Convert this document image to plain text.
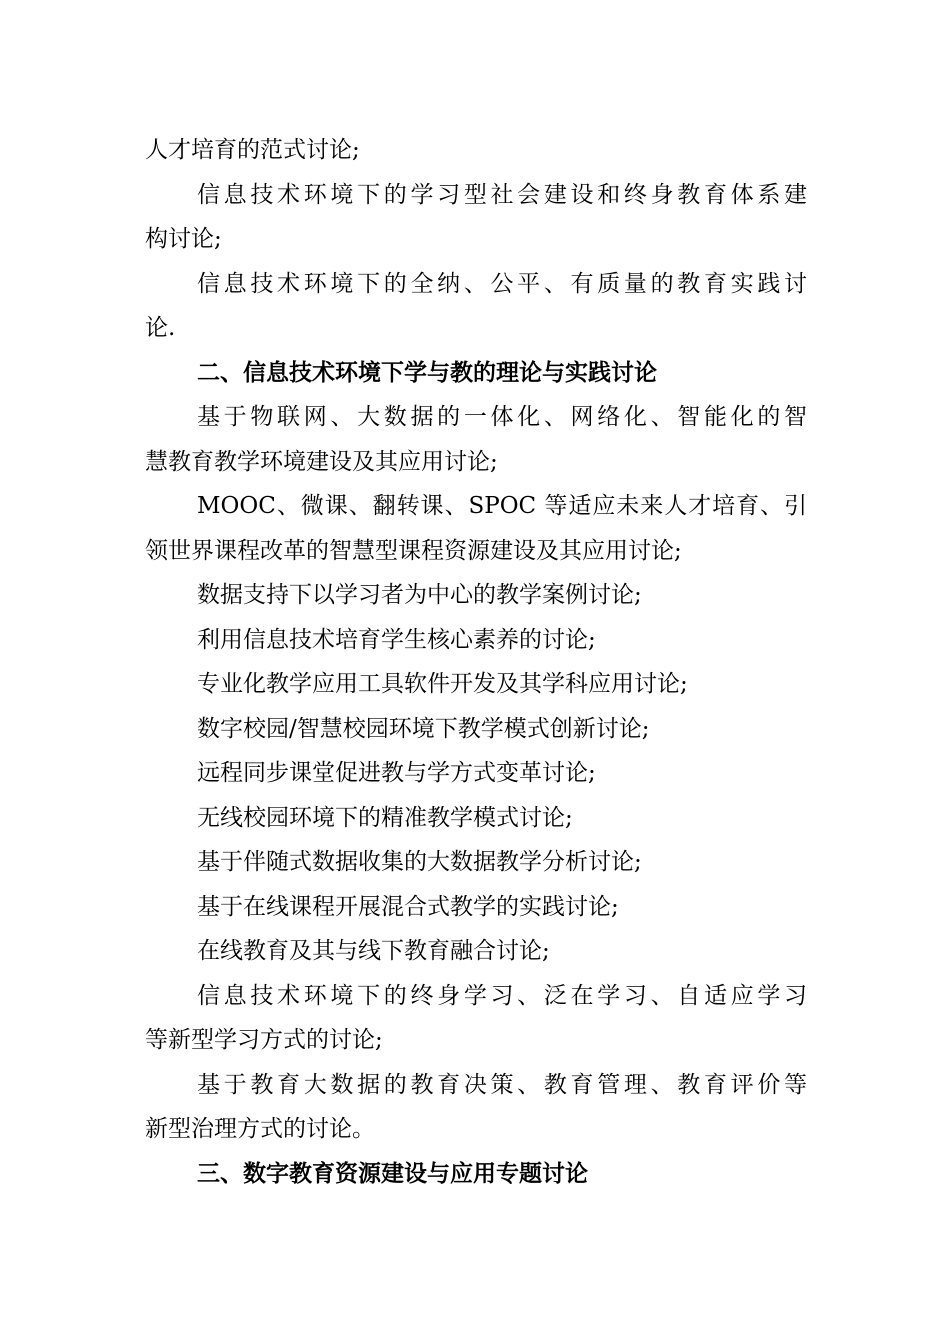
人才培育的范式讨论;
信息技术环境下的学习型社会建设和终身教育体系建
构讨论;
信息技术环境下的全纳、公平、有质量的教育实践讨
论.
二、信息技术环境下学与教的理论与实践讨论
基于物联网、大数据的一体化、网络化、智能化的智
慧教育教学环境建设及其应用讨论;
MOOC、微课、翻转课、SPOC 等适应未来人才培育、引
领世界课程改革的智慧型课程资源建设及其应用讨论;
数据支持下以学习者为中心的教学案例讨论;
利用信息技术培育学生核心素养的讨论;
专业化教学应用工具软件开发及其学科应用讨论;
数字校园/智慧校园环境下教学模式创新讨论;
远程同步课堂促进教与学方式变革讨论;
无线校园环境下的精准教学模式讨论;
基于伴随式数据收集的大数据教学分析讨论;
基于在线课程开展混合式教学的实践讨论;
在线教育及其与线下教育融合讨论;
信息技术环境下的终身学习、泛在学习、自适应学习
等新型学习方式的讨论;
基于教育大数据的教育决策、教育管理、教育评价等
新型治理方式的讨论。
三、数字教育资源建设与应用专题讨论
